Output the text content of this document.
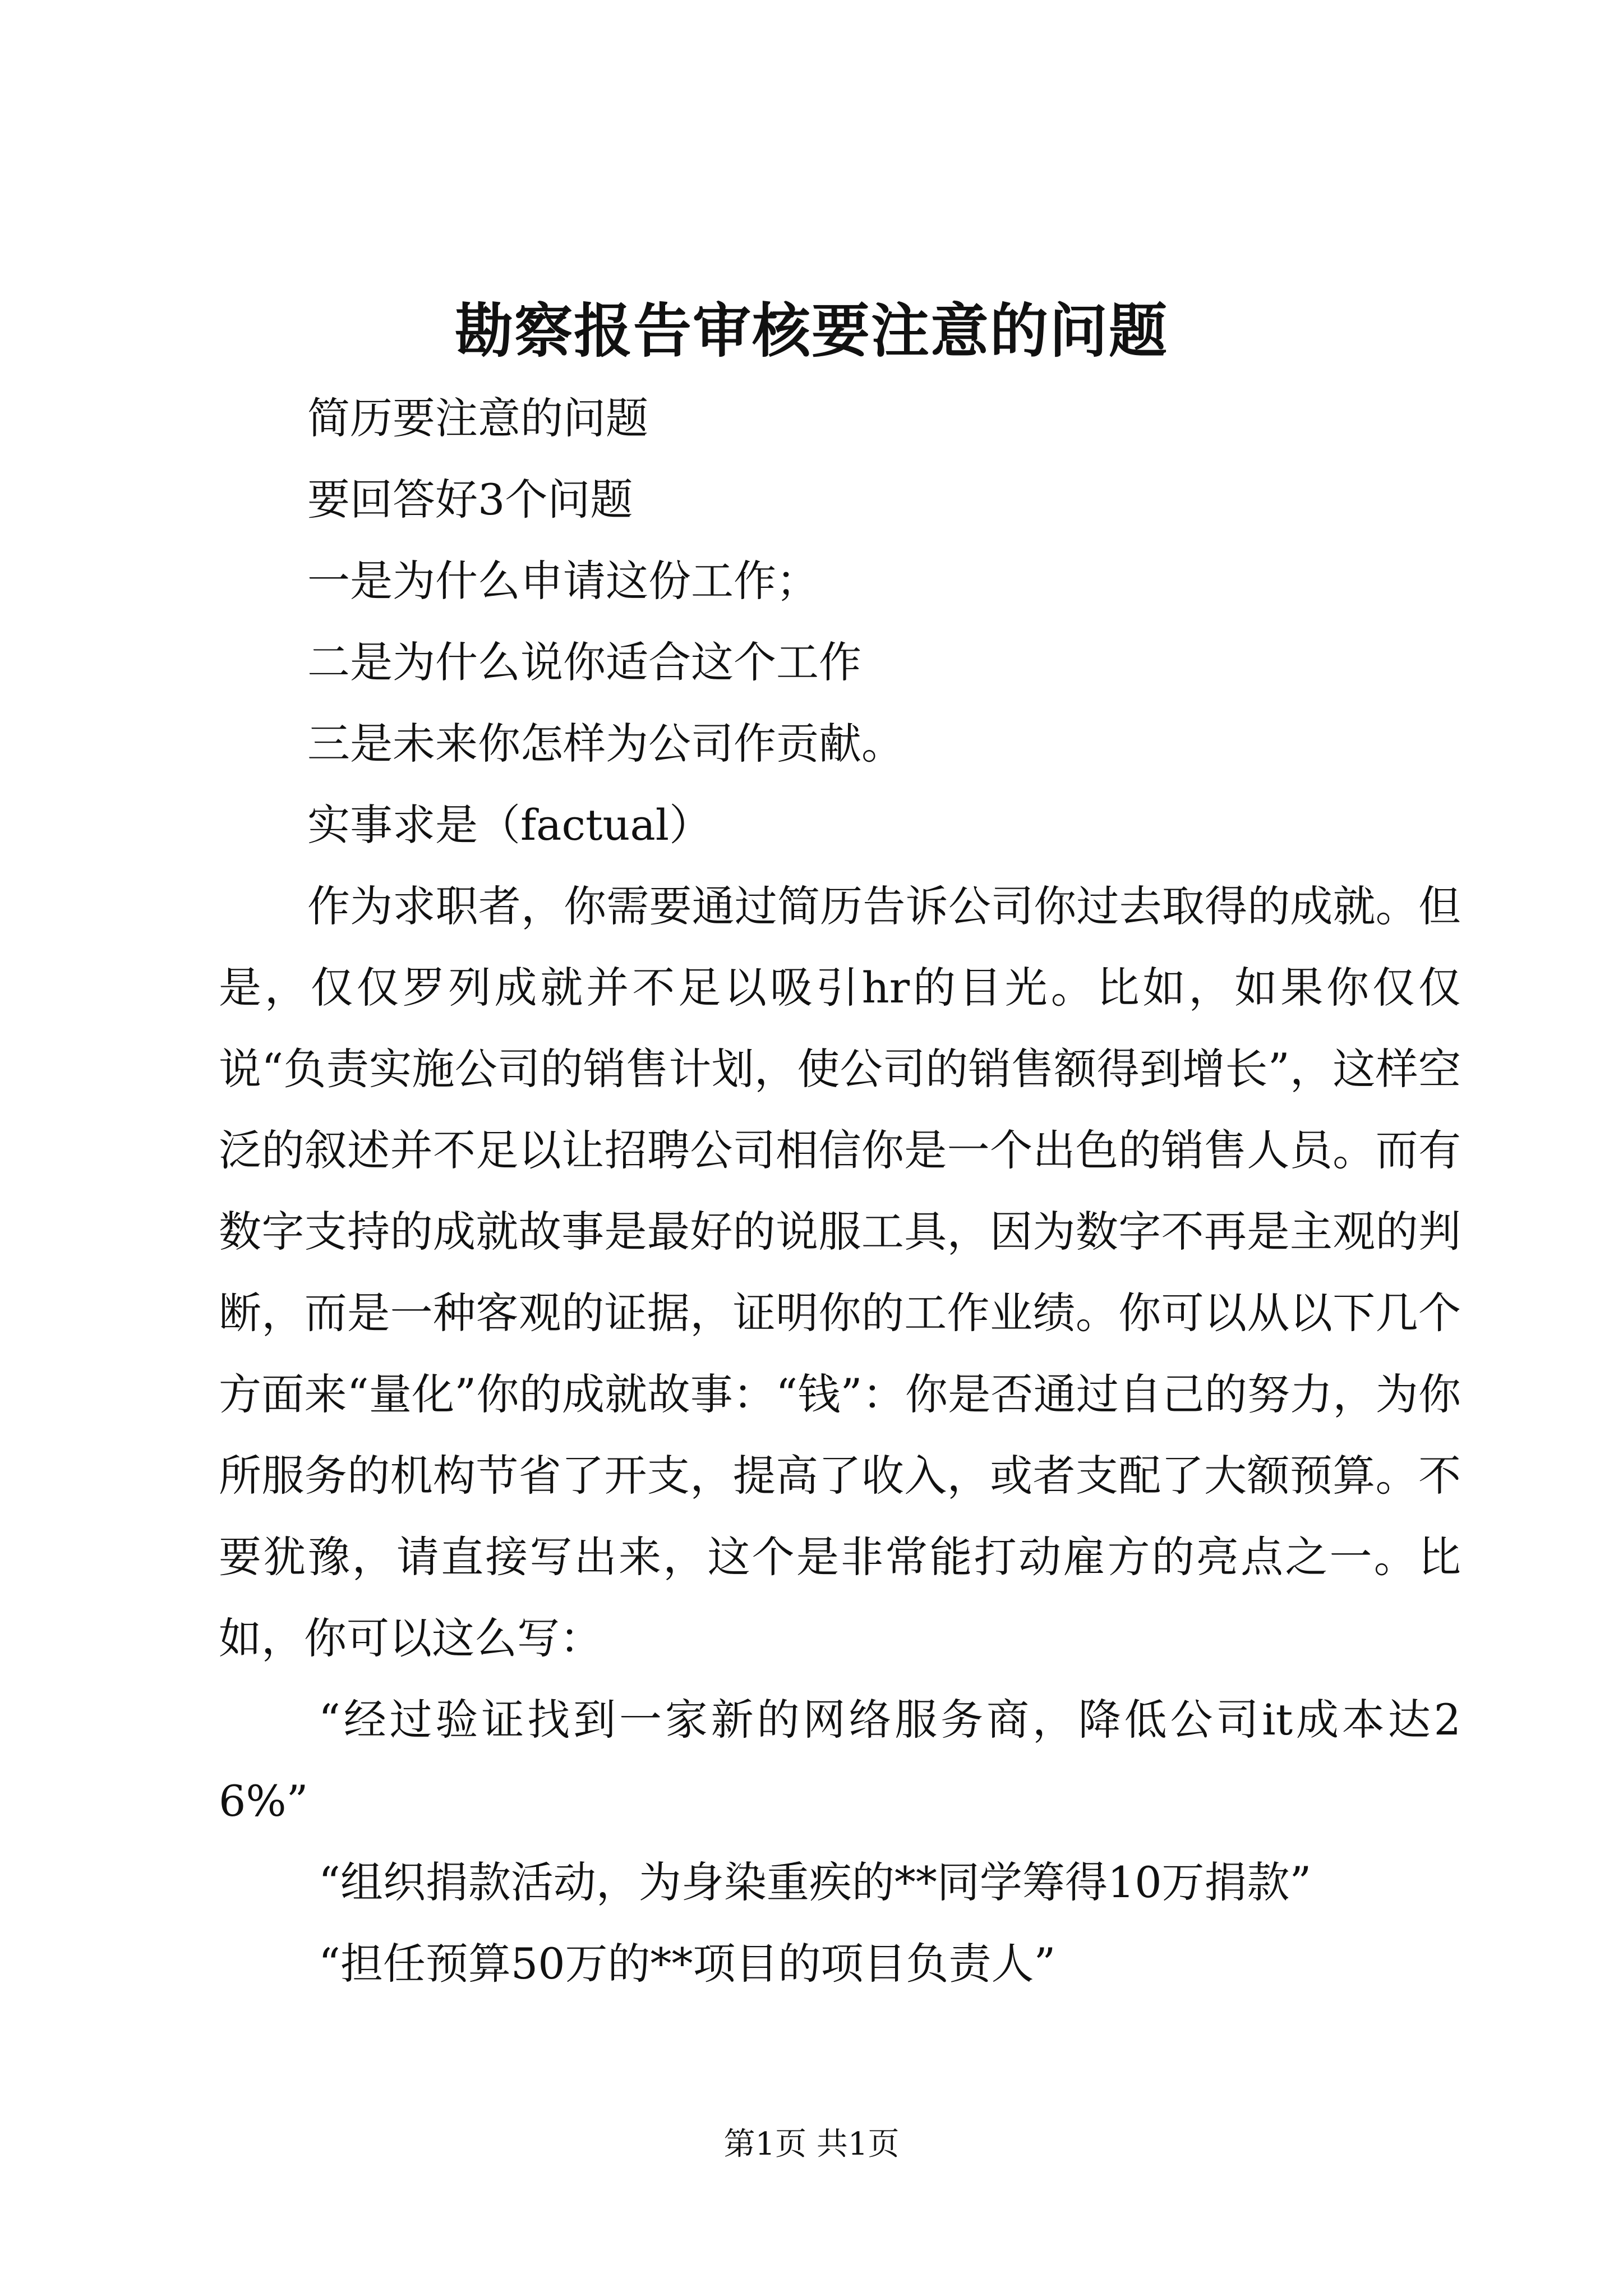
勘察报告审核要注意的问题

简历要注意的问题

要回答好3个问题

一是为什么申请这份工作；

二是为什么说你适合这个工作

三是未来你怎样为公司作贡献。

实事求是（factual）

作为求职者，你需要通过简历告诉公司你过去取得的成就。但是，仅仅罗列成就并不足以吸引hr的目光。比如，如果你仅仅说“负责实施公司的销售计划，使公司的销售额得到增长”，这样空泛的叙述并不足以让招聘公司相信你是一个出色的销售人员。而有数字支持的成就故事是最好的说服工具，因为数字不再是主观的判断，而是一种客观的证据，证明你的工作业绩。你可以从以下几个方面来“量化”你的成就故事：“钱”：你是否通过自己的努力，为你所服务的机构节省了开支，提高了收入，或者支配了大额预算。不要犹豫，请直接写出来，这个是非常能打动雇方的亮点之一。比如，你可以这么写：

“经过验证找到一家新的网络服务商，降低公司it成本达26%”

“组织捐款活动，为身染重疾的**同学筹得10万捐款”

“担任预算50万的**项目的项目负责人”

第1页 共1页
